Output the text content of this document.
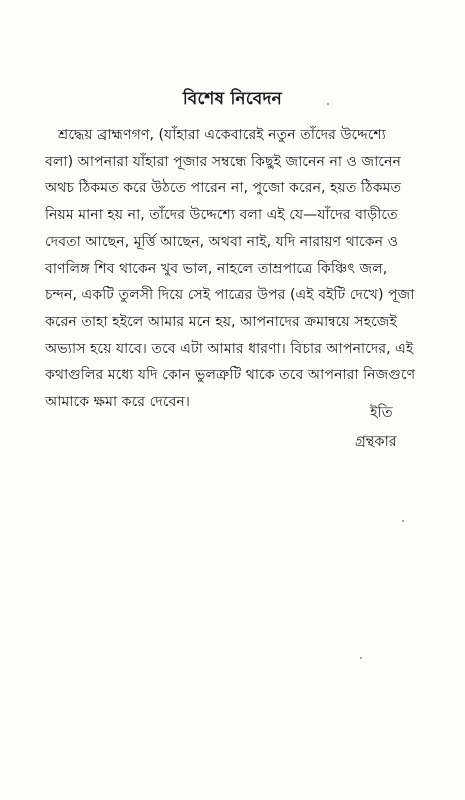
বিশেষ নিবেদন
শ্রদ্ধেয় ব্রাহ্মণগণ, (যাঁহারা একেবারেই নতুন তাঁদের উদ্দেশ্যে
বলা) আপনারা যাঁহারা পূজার সম্বন্ধে কিছুই জানেন না ও জানেন
অথচ ঠিকমত করে উঠতে পারেন না, পুজো করেন, হয়ত ঠিকমত
নিয়ম মানা হয় না, তাঁদের উদ্দেশ্যে বলা এই যে—যাঁদের বাড়ীতে
দেবতা আছেন, মূর্ত্তি আছেন, অথবা নাই, যদি নারায়ণ থাকেন ও
বাণলিঙ্গ শিব থাকেন খুব ভাল, নাহলে তাম্রপাত্রে কিঞ্চিৎ জল,
চন্দন, একটি তুলসী দিয়ে সেই পাত্রের উপর (এই বইটি দেখে) পূজা
করেন তাহা হইলে আমার মনে হয়, আপনাদের ক্রমান্বয়ে সহজেই
অভ্যাস হয়ে যাবে। তবে এটা আমার ধারণা। বিচার আপনাদের, এই
কথাগুলির মধ্যে যদি কোন ভুলত্রুটি থাকে তবে আপনারা নিজগুণে
আমাকে ক্ষমা করে দেবেন।
ইতি
গ্রন্থকার
